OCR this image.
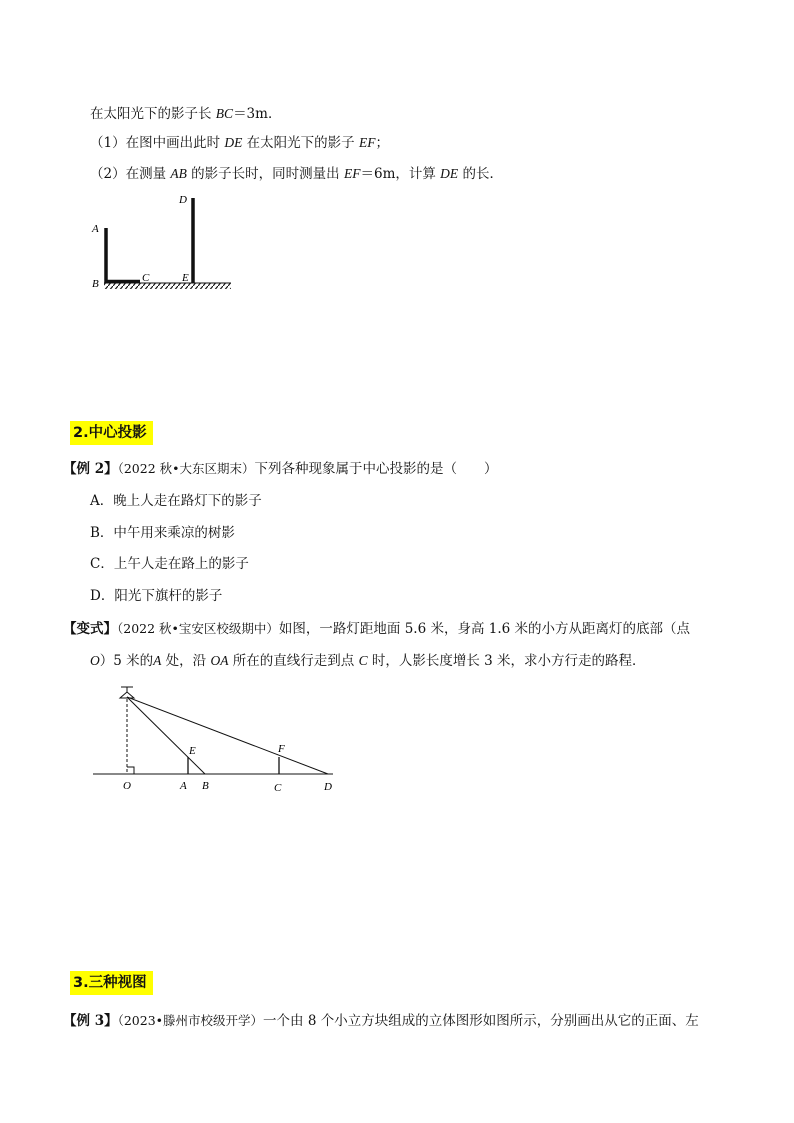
在太阳光下的影子长 BC＝3m．
（1）在图中画出此时 DE 在太阳光下的影子 EF；
（2）在测量 AB 的影子长时，同时测量出 EF＝6m，计算 DE 的长．
A
B	C
D
E
2.中心投影
【例 2】（2022 秋•大东区期末）下列各种现象属于中心投影的是（　　）
A．晚上人走在路灯下的影子
B．中午用来乘凉的树影
C．上午人走在路上的影子
D．阳光下旗杆的影子
【变式】（2022 秋•宝安区校级期中）如图，一路灯距地面 5.6 米，身高 1.6 米的小方从距离灯的底部（点
O）5 米的A 处，沿 OA 所在的直线行走到点 C 时，人影长度增长 3 米，求小方行走的路程．
O	A B	C	D
E	F
3.三种视图
【例 3】（2023•滕州市校级开学）一个由 8 个小立方块组成的立体图形如图所示，分别画出从它的正面、左
